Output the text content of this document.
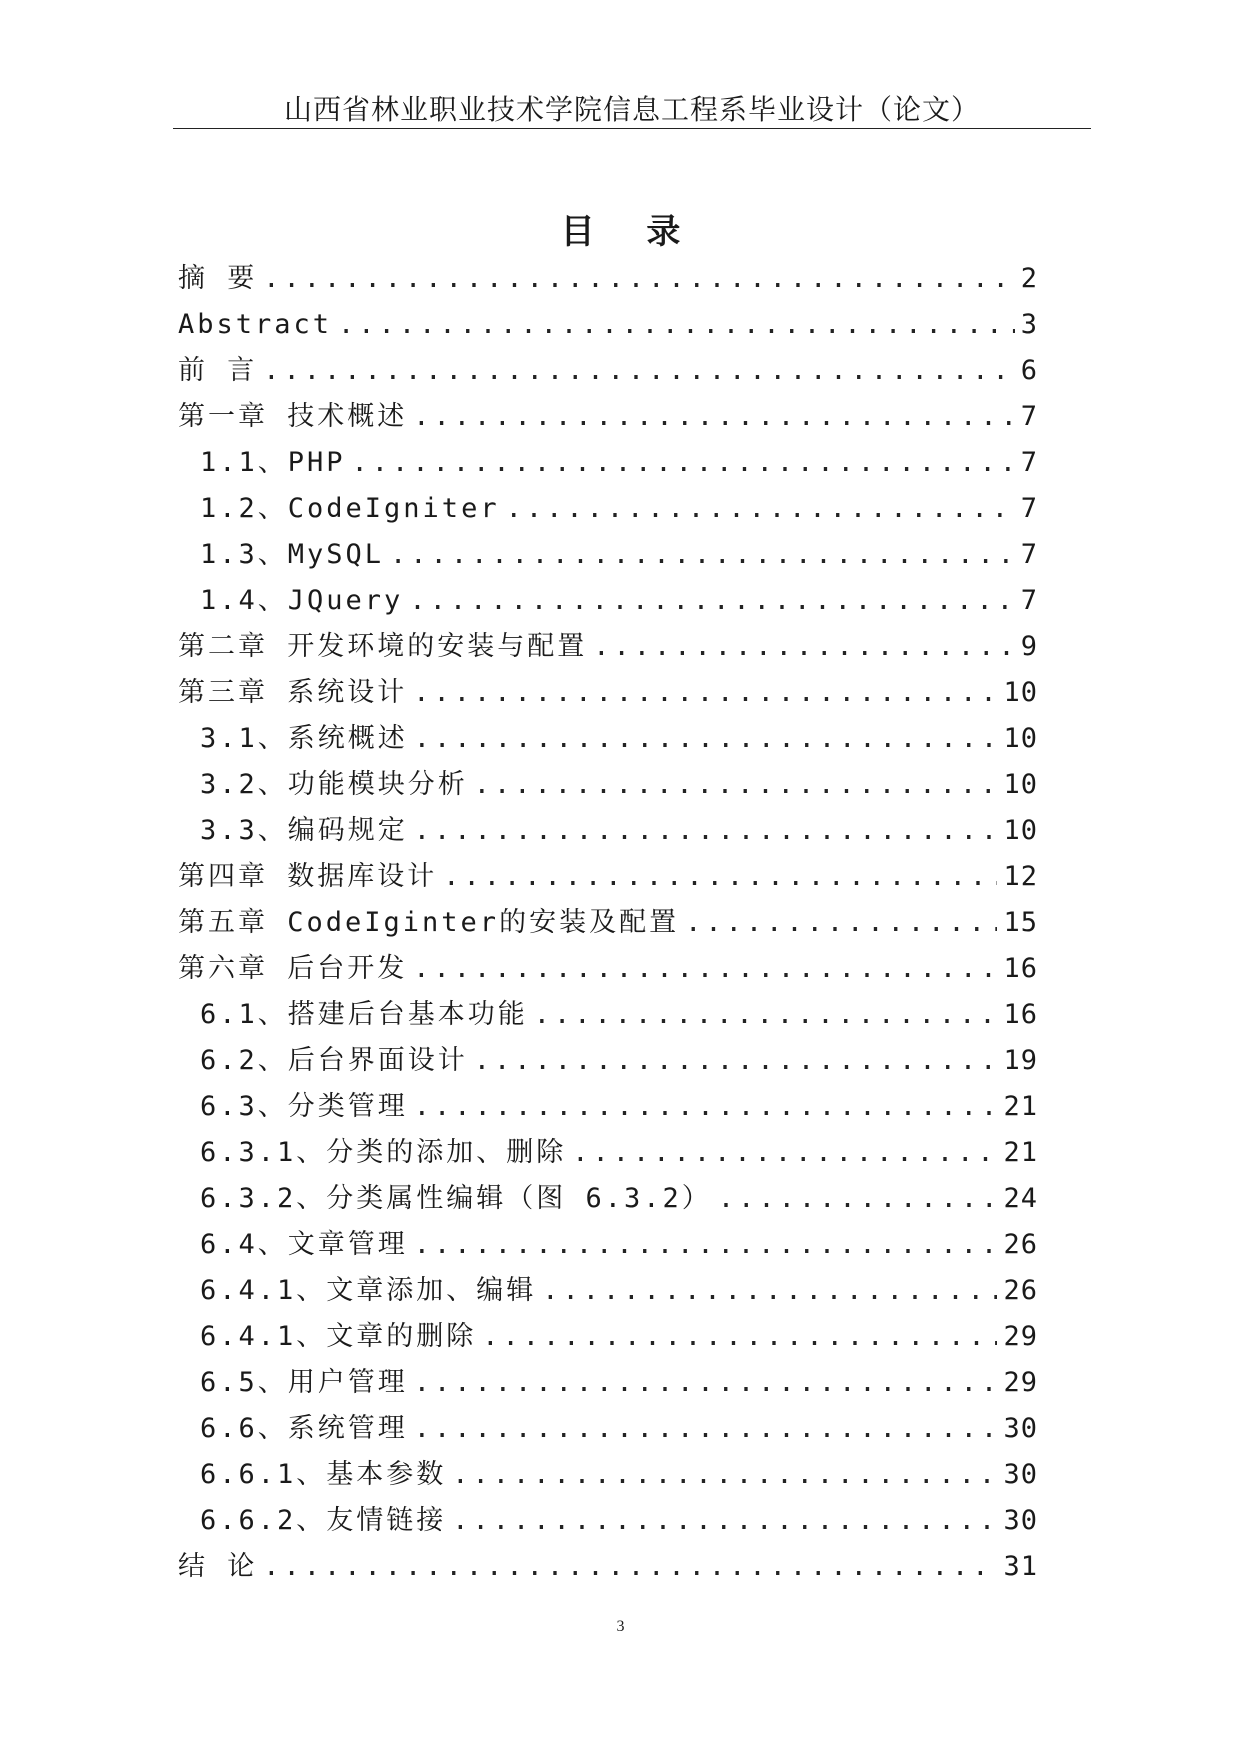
山西省林业职业技术学院信息工程系毕业设计（论文）
目 录
摘 要 .....	2
Abstract .....	3
前 言 .....	6
第一章 技术概述 .....	7
1.1、PHP .....	7
1.2、CodeIgniter .....	7
1.3、MySQL .....	7
1.4、JQuery .....	7
第二章 开发环境的安装与配置 .....	9
第三章 系统设计 .....	10
3.1、系统概述 .....	10
3.2、功能模块分析 .....	10
3.3、编码规定 .....	10
第四章 数据库设计 .....	12
第五章 CodeIginter的安装及配置 .....	15
第六章 后台开发 .....	16
6.1、搭建后台基本功能 .....	16
6.2、后台界面设计 .....	19
6.3、分类管理 .....	21
6.3.1、分类的添加、删除 .....	21
6.3.2、分类属性编辑（图 6.3.2） .....	24
6.4、文章管理 .....	26
6.4.1、文章添加、编辑 .....	26
6.4.1、文章的删除 .....	29
6.5、用户管理 .....	29
6.6、系统管理 .....	30
6.6.1、基本参数 .....	30
6.6.2、友情链接 .....	30
结 论 .....	31
3
